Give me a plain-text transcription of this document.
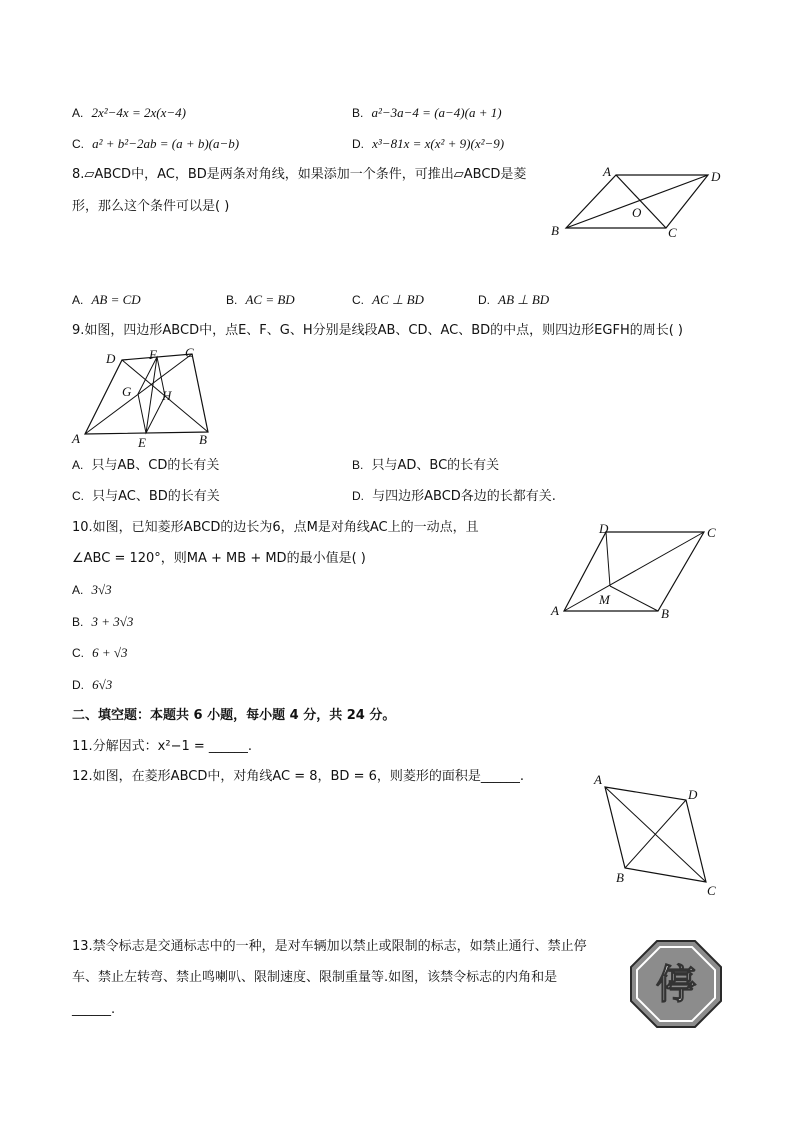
A. 2x²−4x = 2x(x−4)	B. a²−3a−4 = (a−4)(a + 1)
C. a² + b²−2ab = (a + b)(a−b)	D. x³−81x = x(x² + 9)(x²−9)
8.▱ABCD中，AC，BD是两条对角线，如果添加一个条件，可推出▱ABCD是菱
形，那么这个条件可以是( )
A	D
O
B	C
A. AB = CD	B. AC = BD	C. AC ⊥ BD	D. AB ⊥ BD
9.如图，四边形ABCD中，点E、F、G、H分别是线段AB、CD、AC、BD的中点，则四边形EGFH的周长( )
D	F C
G H
A	E	B
A. 只与AB、CD的长有关	B. 只与AD、BC的长有关
C. 只与AC、BD的长有关	D. 与四边形ABCD各边的长都有关.
10.如图，已知菱形ABCD的边长为6，点M是对角线AC上的一动点，且
∠ABC = 120°，则MA + MB + MD的最小值是( )
D	C
A
M
B
A. 3√3
B. 3 + 3√3
C. 6 + √3
D. 6√3
二、填空题：本题共 6 小题，每小题 4 分，共 24 分。
11.分解因式：x²−1 = ______.
12.如图，在菱形ABCD中，对角线AC = 8，BD = 6，则菱形的面积是______.	A
D
B
C
13.禁令标志是交通标志中的一种，是对车辆加以禁止或限制的标志，如禁止通行、禁止停
车、禁止左转弯、禁止鸣喇叭、限制速度、限制重量等.如图，该禁令标志的内角和是
______.
停
